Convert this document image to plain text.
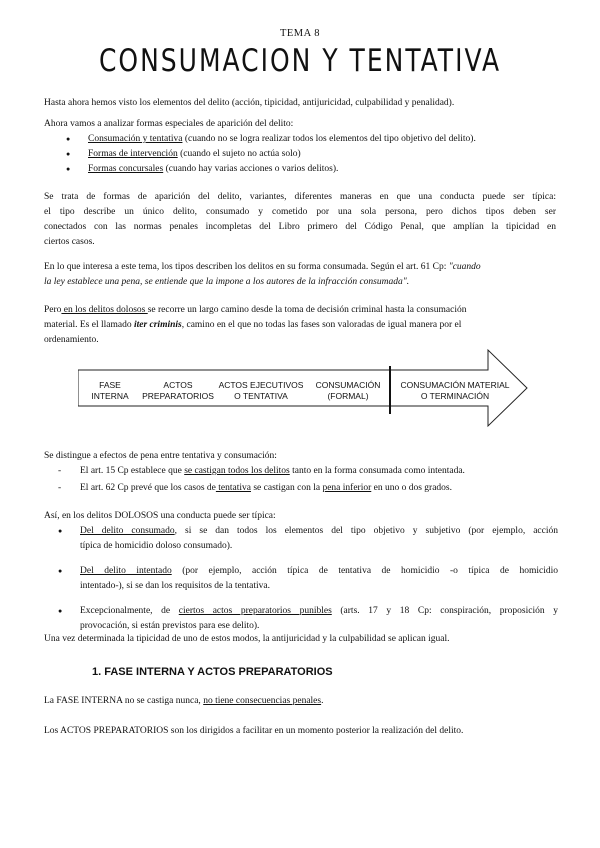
TEMA 8
CONSUMACION Y TENTATIVA
Hasta ahora hemos visto los elementos del delito (acción, tipicidad, antijuricidad, culpabilidad y penalidad).
Ahora vamos a analizar formas especiales de aparición del delito:
● Consumación y tentativa (cuando no se logra realizar todos los elementos del tipo objetivo del delito).
● Formas de intervención (cuando el sujeto no actúa solo)
● Formas concursales (cuando hay varias acciones o varios delitos).
Se trata de formas de aparición del delito, variantes, diferentes maneras en que una conducta puede ser típica:
el tipo describe un único delito, consumado y cometido por una sola persona, pero dichos tipos deben ser
conectados con las normas penales incompletas del Libro primero del Código Penal, que amplían la tipicidad en
ciertos casos.
En lo que interesa a este tema, los tipos describen los delitos en su forma consumada. Según el art. 61 Cp: "cuando
la ley establece una pena, se entiende que la impone a los autores de la infracción consumada".
Pero en los delitos dolosos se recorre un largo camino desde la toma de decisión criminal hasta la consumación
material. Es el llamado iter criminis, camino en el que no todas las fases son valoradas de igual manera por el
ordenamiento.
FASE
INTERNA
ACTOS
PREPARATORIOS
ACTOS EJECUTIVOS
O TENTATIVA
CONSUMACIÓN
(FORMAL)
CONSUMACIÓN MATERIAL
O TERMINACIÓN
Se distingue a efectos de pena entre tentativa y consumación:
- El art. 15 Cp establece que se castigan todos los delitos tanto en la forma consumada como intentada.
- El art. 62 Cp prevé que los casos de tentativa se castigan con la pena inferior en uno o dos grados.
Así, en los delitos DOLOSOS una conducta puede ser típica:
● Del delito consumado, si se dan todos los elementos del tipo objetivo y subjetivo (por ejemplo, acción
típica de homicidio doloso consumado).
● Del delito intentado (por ejemplo, acción típica de tentativa de homicidio -o típica de homicidio
intentado-), si se dan los requisitos de la tentativa.
● Excepcionalmente, de ciertos actos preparatorios punibles (arts. 17 y 18 Cp: conspiración, proposición y
provocación, si están previstos para ese delito).
Una vez determinada la tipicidad de uno de estos modos, la antijuricidad y la culpabilidad se aplican igual.
1. FASE INTERNA Y ACTOS PREPARATORIOS
La FASE INTERNA no se castiga nunca, no tiene consecuencias penales.
Los ACTOS PREPARATORIOS son los dirigidos a facilitar en un momento posterior la realización del delito.
